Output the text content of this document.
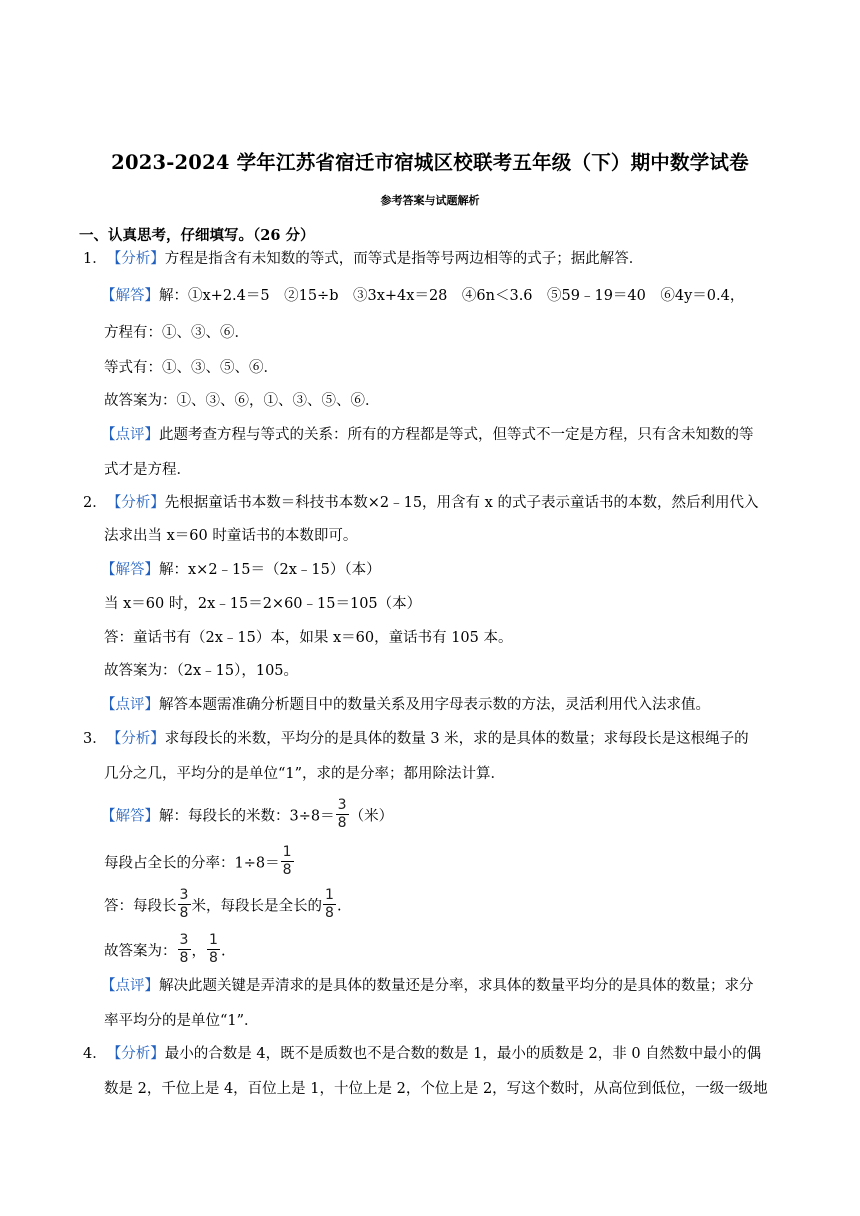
2023-2024 学年江苏省宿迁市宿城区校联考五年级（下）期中数学试卷
参考答案与试题解析
一、认真思考，仔细填写。（26 分）
1．【分析】方程是指含有未知数的等式，而等式是指等号两边相等的式子；据此解答．
【解答】解：①x+2.4＝5　②15÷b　③3x+4x＝28　④6n＜3.6　⑤59﹣19＝40　⑥4y＝0.4，
方程有：①、③、⑥．
等式有：①、③、⑤、⑥．
故答案为：①、③、⑥，①、③、⑤、⑥．
【点评】此题考查方程与等式的关系：所有的方程都是等式，但等式不一定是方程，只有含未知数的等
式才是方程．
2．【分析】先根据童话书本数＝科技书本数×2﹣15，用含有 x 的式子表示童话书的本数，然后利用代入
法求出当 x＝60 时童话书的本数即可。
【解答】解：x×2﹣15＝（2x﹣15）（本）
当 x＝60 时，2x﹣15＝2×60﹣15＝105（本）
答：童话书有（2x﹣15）本，如果 x＝60，童话书有 105 本。
故答案为：（2x﹣15），105。
【点评】解答本题需准确分析题目中的数量关系及用字母表示数的方法，灵活利用代入法求值。
3．【分析】求每段长的米数，平均分的是具体的数量 3 米，求的是具体的数量；求每段长是这根绳子的
几分之几，平均分的是单位“1”，求的是分率；都用除法计算．
【解答】解：每段长的米数：$3\div 8= \frac{3}{8}$ （米）
每段占全长的分率：$1\div 8= \frac{1}{8}$
答：每段长 $\frac{3}{8}$ 米，每段长是全长的 $\frac{1}{8}$ .
故答案为： $\frac{3}{8}$ ， $\frac{1}{8}$ .
【点评】解决此题关键是弄清求的是具体的数量还是分率，求具体的数量平均分的是具体的数量；求分
率平均分的是单位“1”．
4．【分析】最小的合数是 4，既不是质数也不是合数的数是 1，最小的质数是 2，非 0 自然数中最小的偶
数是 2，千位上是 4，百位上是 1，十位上是 2，个位上是 2，写这个数时，从高位到低位，一级一级地
